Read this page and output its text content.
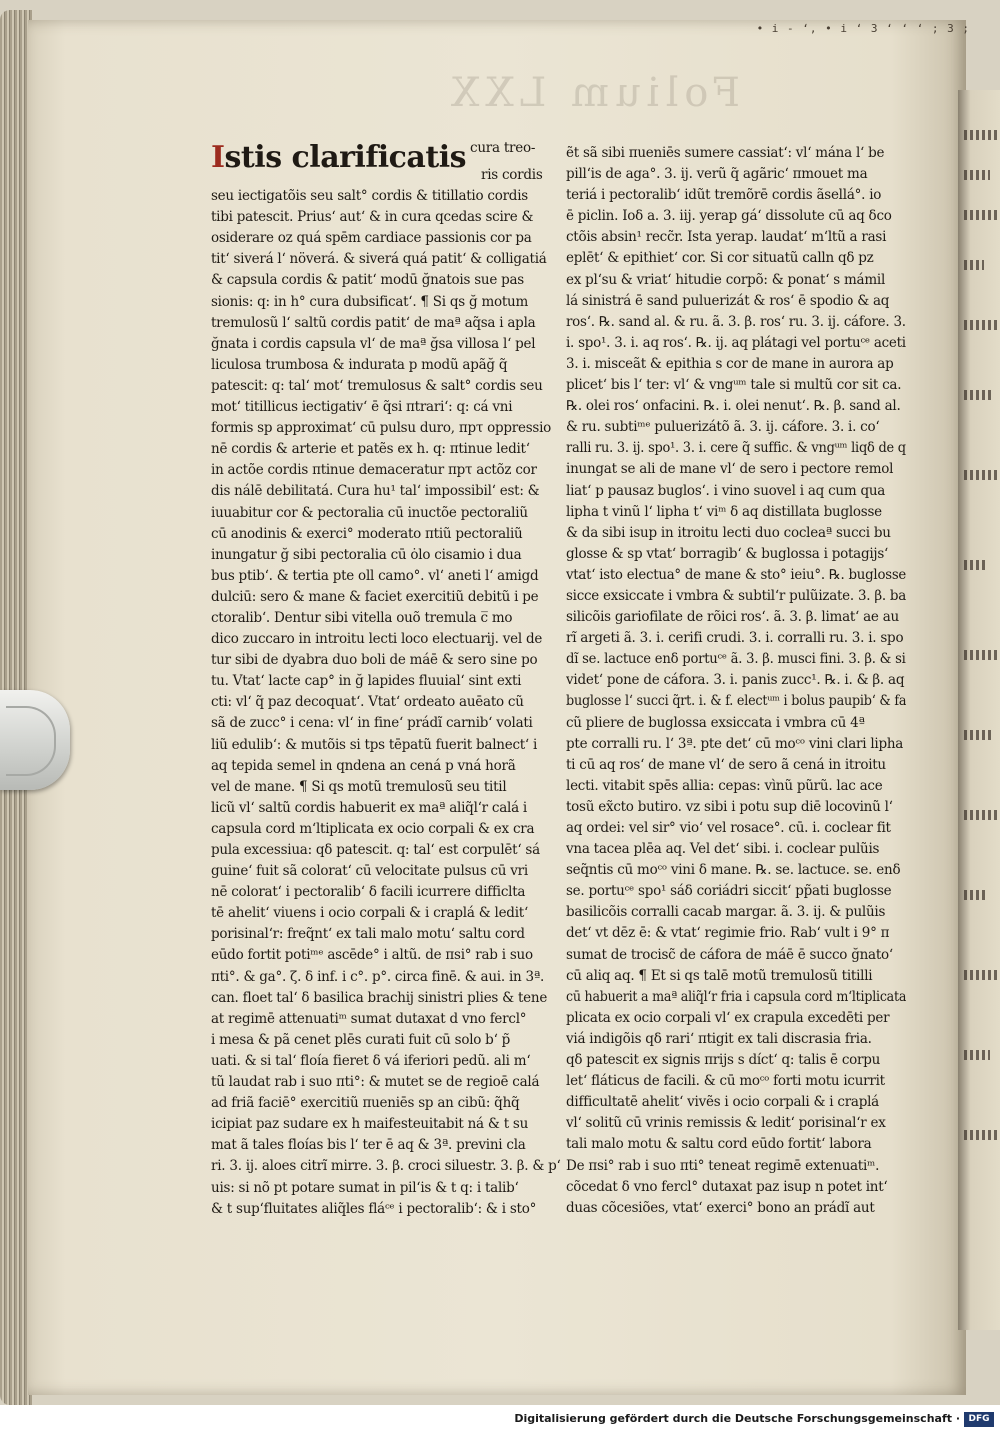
• i - ʻ, • i ʻ 3 ʻ ʻ ʻ ; 3 ;
Folium LXX
Istis clarificatis cura treo-
ris cordis
seu iectigatõis seu salt° cordis & titillatio cordis
tibi patescit. Priusʻ autʻ & in cura qcedas scire &
osiderare oz quá spēm cardiace passionis cor pa
titʻ siverá lʻ növerá. & siverá quá patitʻ & colligatiá
& capsula cordis & patitʻ modū ğnatois sue pas
sionis: q: in h° cura dubsificatʻ. ¶ Si qs ğ motum
tremulosũ lʻ saltũ cordis patitʻ de maª aq̃sa i apla
ğnata i cordis capsula vlʻ de maª ğsa villosa lʻ pel
liculosa trumbosa & indurata p modũ apãğ q̃
patescit: q: talʻ motʻ tremulosus & salt° cordis seu
motʻ titillicus iectigativʻ ē q̃si πtrariʻ: q: cá vni
formis sp approximatʻ cū pulsu duro, πpτ oppressio
nē cordis & arterie et patẽs ex h. q: πtinue leditʻ
in actõe cordis πtinue demaceratur πpτ actõz cor
dis nálē debilitatá. Cura hu¹ talʻ impossibilʻ est: &
iuuabitur cor & pectoralia cū inuctõe pectoraliũ
cū anodinis & exerci° moderato πtiũ pectoraliũ
inungatur ğ sibi pectoralia cū ȯlo cisamio i dua
bus ptibʻ. & tertia pte oll camo°. vlʻ aneti lʻ amigd
dulciū: sero & mane & faciet exercitiũ debitũ i pe
ctoralibʻ. Dentur sibi vitella ouõ tremula c̅ mo
dico zuccaro in introitu lecti loco electuarij. vel de
tur sibi de dyabra duo boli de máē & sero sine po
tu. Vtatʻ lacte cap° in ğ lapides fluuialʻ sint exti
cti: vlʻ q̃ paz decoquatʻ. Vtatʻ ordeato auēato cũ
sã de zucc° i cena: vlʻ in fineʻ prádĩ carnibʻ volati
liũ edulibʻ: & mutõis si tps tēpatũ fuerit balnectʻ i
aq tepida semel in qndena an cená p vná horã
vel de mane. ¶ Si qs motũ tremulosũ seu titil
licũ vlʻ saltũ cordis habuerit ex maª aliq̃lʻr calá i
capsula cord mʻltiplicata ex ocio corpali & ex cra
pula excessiua: qδ patescit. q: talʻ est corpulētʻ sá
guineʻ fuit sã coloratʻ cū velocitate pulsus cū vri
nē coloratʻ i pectoralibʻ δ facili icurrere difficlta
tē ahelitʻ viuens i ocio corpali & i craplá & leditʻ
porisinalʻr: freq̃ntʻ ex tali malo motuʻ saltu cord
eūdo fortit potiᵐᵉ ascēde° i altũ. de πsi° rab i suo
πti°. & ga°. ζ. δ inf. i c°. p°. circa finē. & aui. in 3ª.
can. floet talʻ δ basilica brachij sinistri plies & tene
at regimē attenuatiᵐ sumat dutaxat d vno fercl°
i mesa & pã cenet plēs curati fuit cū solo bʻ p̃
uati. & si talʻ floía fieret δ vá iferiori pedũ. ali mʻ
tũ laudat rab i suo πti°: & mutet se de regioē calá
ad friã faciē° exercitiũ πueniēs sp an cibũ: q̃hq̃
icipiat paz sudare ex h maifesteuitabit ná & t su
mat ã tales floías bis lʻ ter ē aq & 3ª. previni cla
ri. 3. ij. aloes citrĩ mirre. 3. β. croci siluestr. 3. β. & pʻ
uis: si nõ pt potare sumat in pilʻis & t q: i talibʻ
& t supʻfluitates aliq̃les fláᶜᵉ i pectoralibʻ: & i sto°
ẽt sã sibi πueniēs sumere cassiatʻ: vlʻ mána lʻ be
pillʻis de aga°. 3. ij. verũ q̃ agãricʻ πmouet ma
teriá i pectoralibʻ idũt tremõrē cordis ãsellá°. io
ē piclin. Ioδ a. 3. iij. yerap gáʻ dissolute cū aq δco
ctõis absin¹ recc̃r. Ista yerap. laudatʻ mʻltũ a rasi
eplētʻ & epithietʻ cor. Si cor situatũ calln qδ pz
ex plʻsu & vriatʻ hitudie corpõ: & ponatʻ s mámil
lá sinistrá ē sand puluerizát & rosʻ ē spodio & aq
rosʻ. ℞. sand al. & ru. ã. 3. β. rosʻ ru. 3. ij. cáfore. 3.
i. spo¹. 3. i. aq rosʻ. ℞. ij. aq plátagi vel portuᶜᵉ aceti
3. i. misceãt & epithia s cor de mane in aurora ap
plicetʻ bis lʻ ter: vlʻ & vngᵘᵐ tale si multũ cor sit ca.
℞. olei rosʻ onfacini. ℞. i. olei nenutʻ. ℞. β. sand al.
& ru. subtiᵐᵉ puluerizátõ ã. 3. ij. cáfore. 3. i. coʻ
ralli ru. 3. ij. spo¹. 3. i. cere q̃ suffic. & vngᵘᵐ liqδ de q
inungat se ali de mane vlʻ de sero i pectore remol
liatʻ p pausaz buglosʻ. i vino suovel i aq cum qua
lipha t vinũ lʻ lipha tʻ viᵐ δ aq distillata buglosse
& da sibi isup in itroitu lecti duo cocleaª succi bu
glosse & sp vtatʻ borragibʻ & buglossa i potagijsʻ
vtatʻ isto electua° de mane & sto° ieiu°. ℞. buglosse
sicce exsiccate i vmbra & subtilʻr pulũizate. 3. β. ba
silicõis gariofilate de rõici rosʻ. ã. 3. β. limatʻ ae au
rĩ argeti ã. 3. i. cerifi crudi. 3. i. corralli ru. 3. i. spo
dĩ se. lactuce enδ portuᶜᵉ ã. 3. β. musci fini. 3. β. & si
videtʻ pone de cáfora. 3. i. panis zucc¹. ℞. i. & β. aq
buglosse lʻ succi q̃rt. i. & f. electᵘᵐ i bolus paupibʻ & fa
cũ pliere de buglossa exsiccata i vmbra cū 4ª
pte corralli ru. lʻ 3ª. pte detʻ cū moᶜᵒ vini clari lipha
ti cū aq rosʻ de mane vlʻ de sero ã cená in itroitu
lecti. vitabit spēs allia: cepas: vìnũ pũrũ. lac ace
tosũ ex̃cto butiro. vz sibi i potu sup diē locovinũ lʻ
aq ordei: vel sir° vioʻ vel rosace°. cū. i. coclear fit
vna tacea plēa aq. Vel detʻ sibi. i. coclear pulũis
seq̃ntis cū moᶜᵒ vini δ mane. ℞. se. lactuce. se. enδ
se. portuᶜᵉ spo¹ sáδ coriádri siccitʻ pp̃ati buglosse
basilicõis corralli cacab margar. ã. 3. ij. & pulũis
detʻ vt dēz ē: & vtatʻ regimie frio. Rabʻ vult i 9° π
sumat de trocisc̃ de cáfora de máē ē succo ğnatoʻ
cū aliq aq. ¶ Et si qs talē motũ tremulosũ titilli
cū habuerit a maª aliq̃lʻr fria i capsula cord mʻltiplicata
plicata ex ocio corpali vlʻ ex crapula excedēti per
viá indigõis qδ rariʻ πtigit ex tali discrasia fria.
qδ patescit ex signis πrijs s díctʻ q: talis ē corpu
letʻ fláticus de facili. & cū moᶜᵒ forti motu icurrit
difficultatē ahelitʻ vivẽs i ocio corpali & i craplá
vlʻ solitũ cū vrinis remissis & leditʻ porisinalʻr ex
tali malo motu & saltu cord eūdo fortitʻ labora
De πsi° rab i suo πti° teneat regimē extenuatiᵐ.
cõcedat δ vno fercl° dutaxat paz isup n potet intʻ
duas cõcesiões, vtatʻ exerci° bono an prádĩ aut
Digitalisierung gefördert durch die Deutsche Forschungsgemeinschaft · DFG
